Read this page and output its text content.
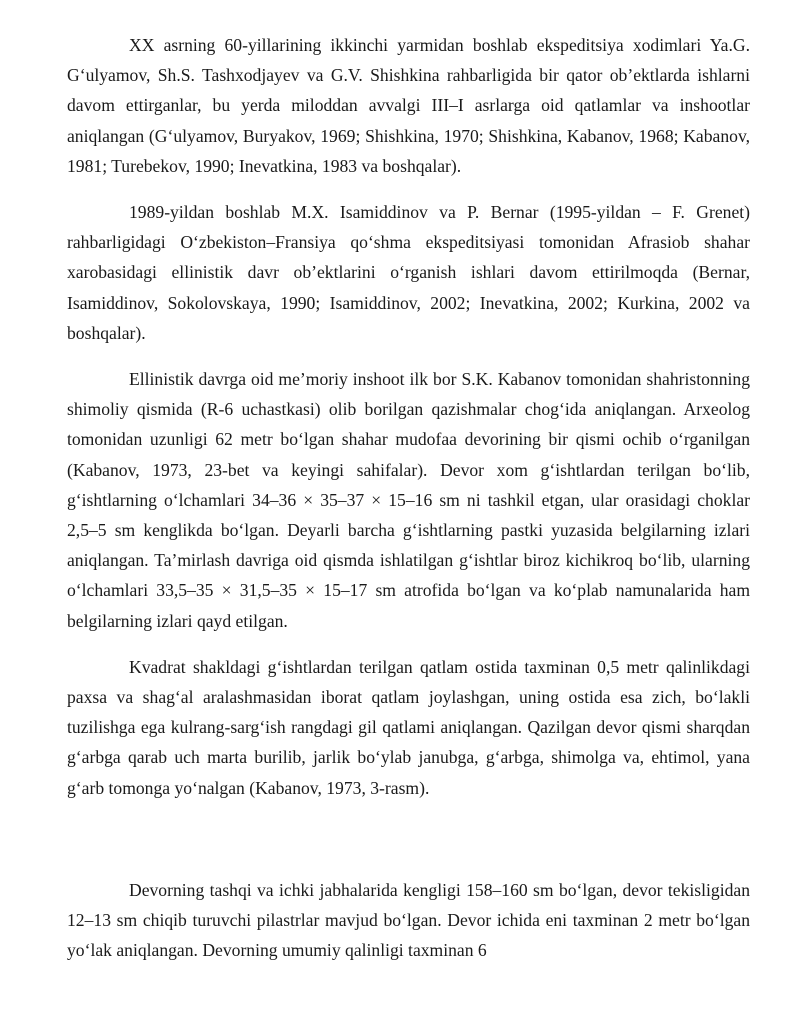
XX asrning 60-yillarining ikkinchi yarmidan boshlab ekspeditsiya xodimlari Ya.G. G‘ulyamov, Sh.S. Tashxodjayev va G.V. Shishkina rahbarligida bir qator ob’ektlarda ishlarni davom ettirganlar, bu yerda miloddan avvalgi III–I asrlarga oid qatlamlar va inshootlar aniqlangan (G‘ulyamov, Buryakov, 1969; Shishkina, 1970; Shishkina, Kabanov, 1968; Kabanov, 1981; Turebekov, 1990; Inevatkina, 1983 va boshqalar).

1989-yildan boshlab M.X. Isamiddinov va P. Bernar (1995-yildan – F. Grenet) rahbarligidagi O‘zbekiston–Fransiya qo‘shma ekspeditsiyasi tomonidan Afrasiob shahar xarobasidagi ellinistik davr ob’ektlarini o‘rganish ishlari davom ettirilmoqda (Bernar, Isamiddinov, Sokolovskaya, 1990; Isamiddinov, 2002; Inevatkina, 2002; Kurkina, 2002 va boshqalar).

Ellinistik davrga oid me’moriy inshoot ilk bor S.K. Kabanov tomonidan shahristonning shimoliy qismida (R-6 uchastkasi) olib borilgan qazishmalar chog‘ida aniqlangan. Arxeolog tomonidan uzunligi 62 metr bo‘lgan shahar mudofaa devorining bir qismi ochib o‘rganilgan (Kabanov, 1973, 23-bet va keyingi sahifalar). Devor xom g‘ishtlardan terilgan bo‘lib, g‘ishtlarning o‘lchamlari 34–36 × 35–37 × 15–16 sm ni tashkil etgan, ular orasidagi choklar 2,5–5 sm kenglikda bo‘lgan. Deyarli barcha g‘ishtlarning pastki yuzasida belgilarning izlari aniqlangan. Ta’mirlash davriga oid qismda ishlatilgan g‘ishtlar biroz kichikroq bo‘lib, ularning o‘lchamlari 33,5–35 × 31,5–35 × 15–17 sm atrofida bo‘lgan va ko‘plab namunalarida ham belgilarning izlari qayd etilgan.

Kvadrat shakldagi g‘ishtlardan terilgan qatlam ostida taxminan 0,5 metr qalinlikdagi paxsa va shag‘al aralashmasidan iborat qatlam joylashgan, uning ostida esa zich, bo‘lakli tuzilishga ega kulrang-sarg‘ish rangdagi gil qatlami aniqlangan. Qazilgan devor qismi sharqdan g‘arbga qarab uch marta burilib, jarlik bo‘ylab janubga, g‘arbga, shimolga va, ehtimol, yana g‘arb tomonga yo‘nalgan (Kabanov, 1973, 3-rasm).

Devorning tashqi va ichki jabhalarida kengligi 158–160 sm bo‘lgan, devor tekisligidan 12–13 sm chiqib turuvchi pilastrlar mavjud bo‘lgan. Devor ichida eni taxminan 2 metr bo‘lgan yo‘lak aniqlangan. Devorning umumiy qalinligi taxminan 6
